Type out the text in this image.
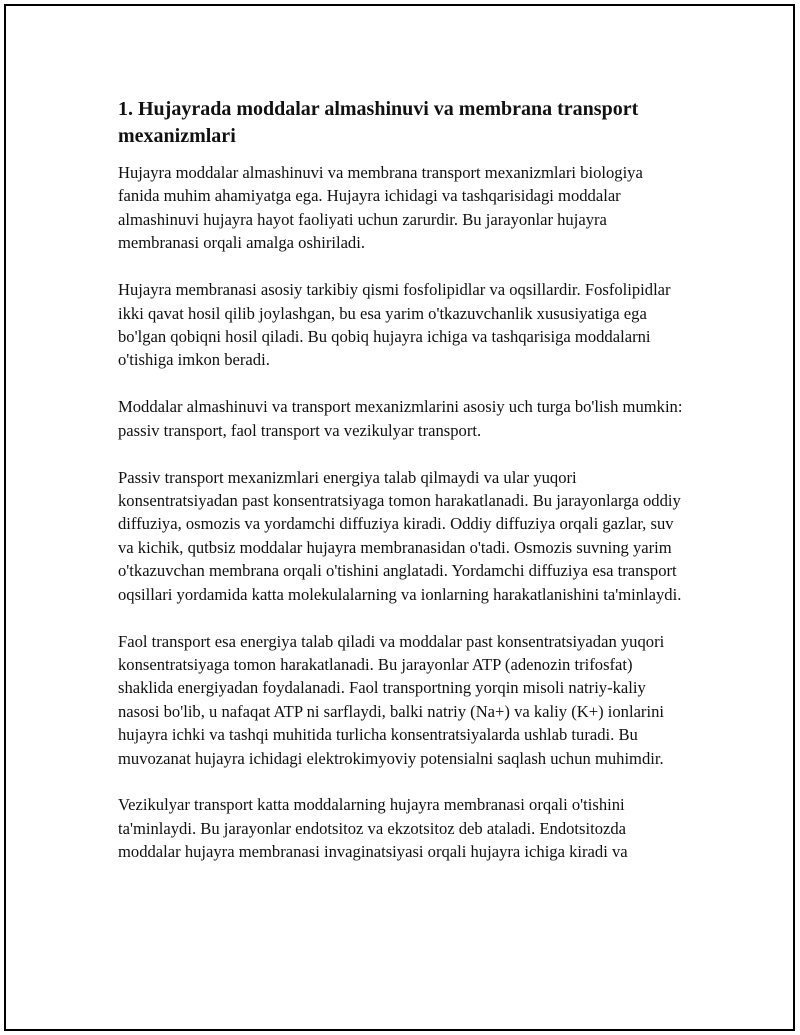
1. Hujayrada moddalar almashinuvi va membrana transport mexanizmlari

Hujayra moddalar almashinuvi va membrana transport mexanizmlari biologiya fanida muhim ahamiyatga ega. Hujayra ichidagi va tashqarisidagi moddalar almashinuvi hujayra hayot faoliyati uchun zarurdir. Bu jarayonlar hujayra membranasi orqali amalga oshiriladi.

Hujayra membranasi asosiy tarkibiy qismi fosfolipidlar va oqsillardir. Fosfolipidlar ikki qavat hosil qilib joylashgan, bu esa yarim o'tkazuvchanlik xususiyatiga ega bo'lgan qobiqni hosil qiladi. Bu qobiq hujayra ichiga va tashqarisiga moddalarni o'tishiga imkon beradi.

Moddalar almashinuvi va transport mexanizmlarini asosiy uch turga bo'lish mumkin: passiv transport, faol transport va vezikulyar transport.

Passiv transport mexanizmlari energiya talab qilmaydi va ular yuqori konsentratsiyadan past konsentratsiyaga tomon harakatlanadi. Bu jarayonlarga oddiy diffuziya, osmozis va yordamchi diffuziya kiradi. Oddiy diffuziya orqali gazlar, suv va kichik, qutbsiz moddalar hujayra membranasidan o'tadi. Osmozis suvning yarim o'tkazuvchan membrana orqali o'tishini anglatadi. Yordamchi diffuziya esa transport oqsillari yordamida katta molekulalarning va ionlarning harakatlanishini ta'minlaydi.

Faol transport esa energiya talab qiladi va moddalar past konsentratsiyadan yuqori konsentratsiyaga tomon harakatlanadi. Bu jarayonlar ATP (adenozin trifosfat) shaklida energiyadan foydalanadi. Faol transportning yorqin misoli natriy-kaliy nasosi bo'lib, u nafaqat ATP ni sarflaydi, balki natriy (Na+) va kaliy (K+) ionlarini hujayra ichki va tashqi muhitida turlicha konsentratsiyalarda ushlab turadi. Bu muvozanat hujayra ichidagi elektrokimyoviy potensialni saqlash uchun muhimdir.

Vezikulyar transport katta moddalarning hujayra membranasi orqali o'tishini ta'minlaydi. Bu jarayonlar endotsitoz va ekzotsitoz deb ataladi. Endotsitozda moddalar hujayra membranasi invaginatsiyasi orqali hujayra ichiga kiradi va
